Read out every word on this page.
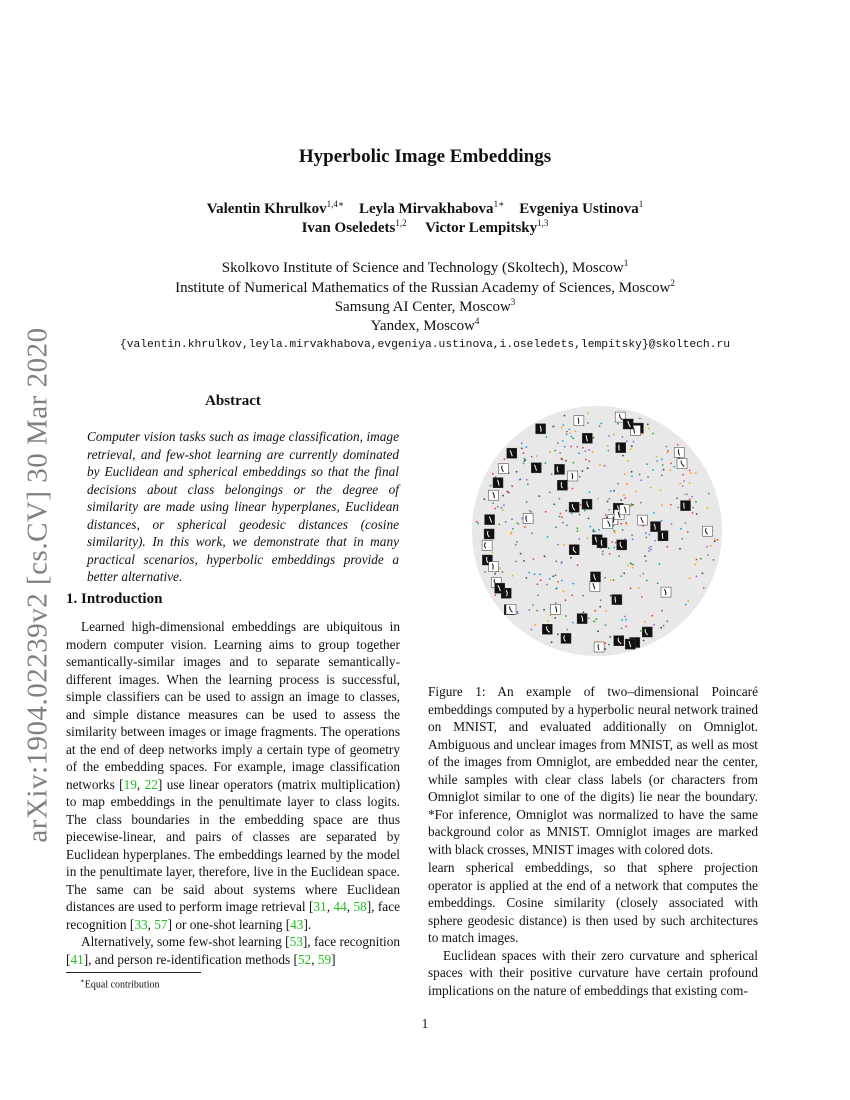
arXiv:1904.02239v2 [cs.CV] 30 Mar 2020
Hyperbolic Image Embeddings
Valentin Khrulkov$^{1,4∗}$ Leyla Mirvakhabova$^{1∗}$ Evgeniya Ustinova$^1$
Ivan Oseledets$^{1,2}$ Victor Lempitsky$^{1,3}$
Skolkovo Institute of Science and Technology (Skoltech), Moscow$^1$
Institute of Numerical Mathematics of the Russian Academy of Sciences, Moscow$^2$
Samsung AI Center, Moscow$^3$
Yandex, Moscow$^4$
{valentin.khrulkov,leyla.mirvakhabova,evgeniya.ustinova,i.oseledets,lempitsky}@skoltech.ru
Abstract
Computer vision tasks such as image classification, image retrieval, and few-shot learning are currently dominated by Euclidean and spherical embeddings so that the final decisions about class belongings or the degree of similarity are made using linear hyperplanes, Euclidean distances, or spherical geodesic distances (cosine similarity). In this work, we demonstrate that in many practical scenarios, hyperbolic embeddings provide a better alternative.
1. Introduction

Learned high-dimensional embeddings are ubiquitous in modern computer vision. Learning aims to group together semantically-similar images and to separate semantically-different images. When the learning process is successful, simple classifiers can be used to assign an image to classes, and simple distance measures can be used to assess the similarity between images or image fragments. The operations at the end of deep networks imply a certain type of geometry of the embedding spaces. For example, image classification networks [19, 22] use linear operators (matrix multiplication) to map embeddings in the penultimate layer to class logits. The class boundaries in the embedding space are thus piecewise-linear, and pairs of classes are separated by Euclidean hyperplanes. The embeddings learned by the model in the penultimate layer, therefore, live in the Euclidean space. The same can be said about systems where Euclidean distances are used to perform image retrieval [31, 44, 58], face recognition [33, 57] or one-shot learning [43].

Alternatively, some few-shot learning [53], face recognition [41], and person re-identification methods [52, 59]

∗Equal contribution
Figure 1: An example of two–dimensional Poincaré embeddings computed by a hyperbolic neural network trained on MNIST, and evaluated additionally on Omniglot. Ambiguous and unclear images from MNIST, as well as most of the images from Omniglot, are embedded near the center, while samples with clear class labels (or characters from Omniglot similar to one of the digits) lie near the boundary. *For inference, Omniglot was normalized to have the same background color as MNIST. Omniglot images are marked with black crosses, MNIST images with colored dots.

learn spherical embeddings, so that sphere projection operator is applied at the end of a network that computes the embeddings. Cosine similarity (closely associated with sphere geodesic distance) is then used by such architectures to match images.

Euclidean spaces with their zero curvature and spherical spaces with their positive curvature have certain profound implications on the nature of embeddings that existing com-

1
